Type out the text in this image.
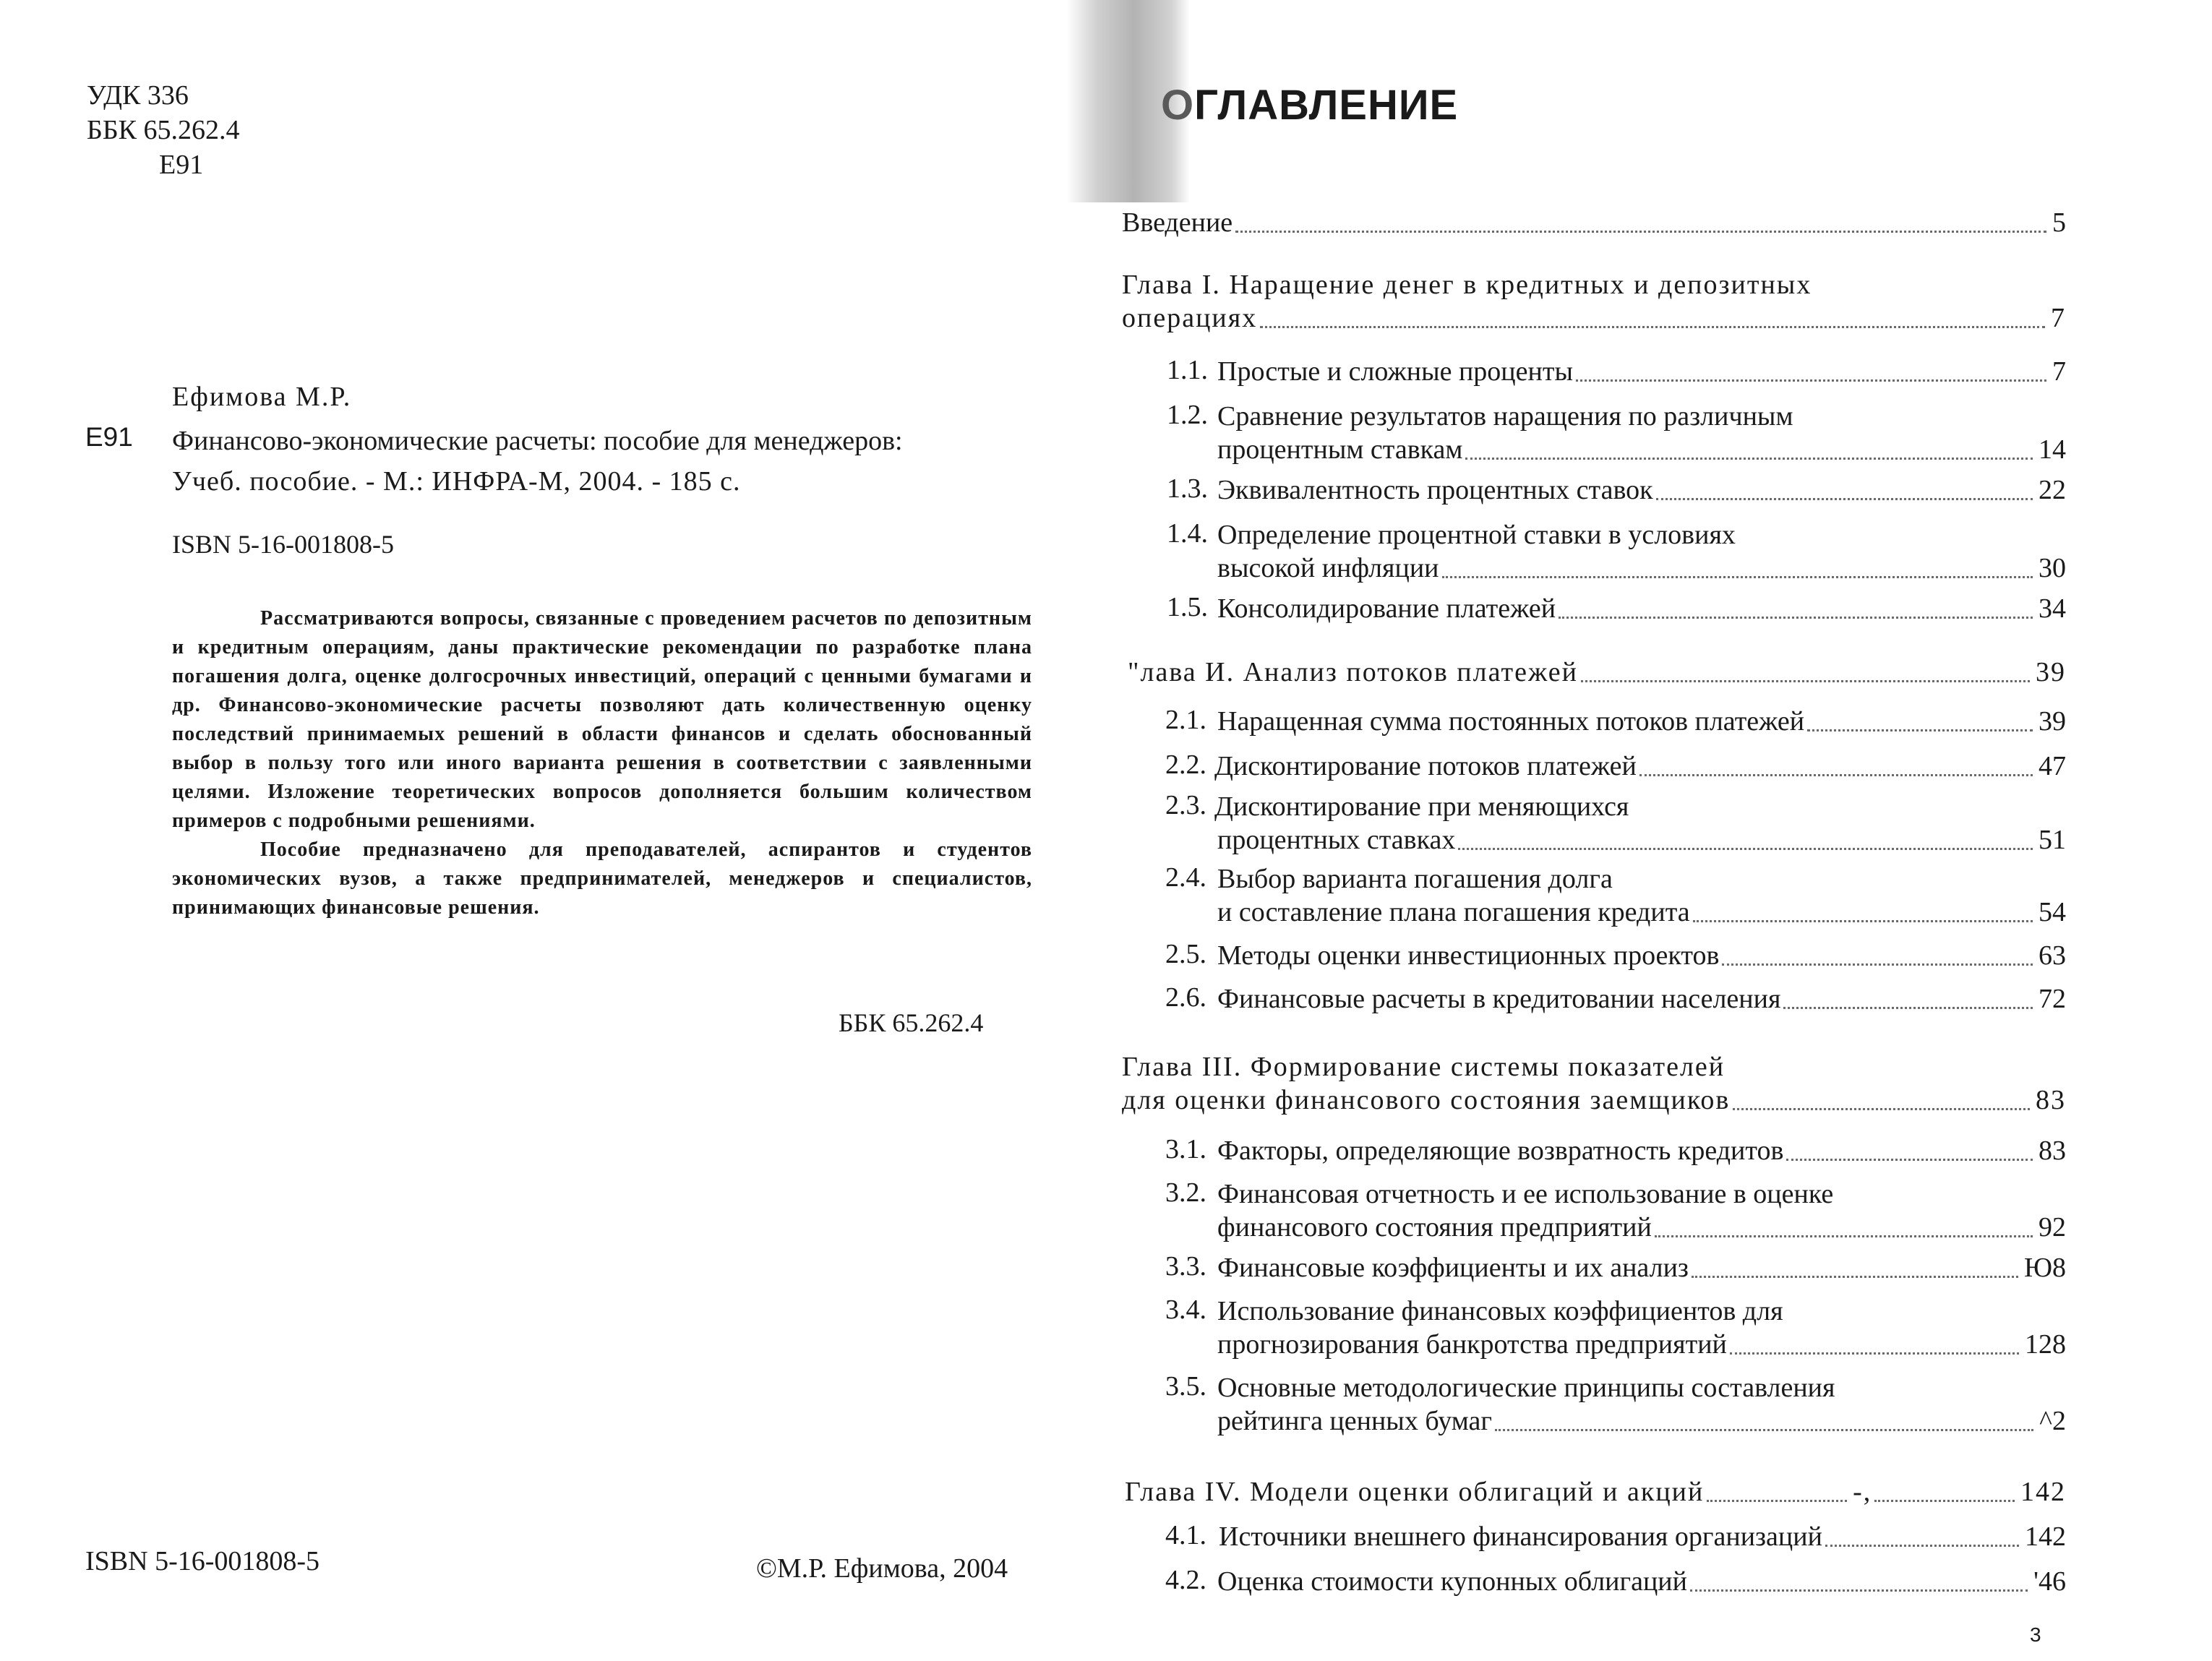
УДК 336
ББК 65.262.4
Е91
Ефимова М.Р.
E91 Финансово-экономические расчеты: пособие для менеджеров:
Учеб. пособие. - М.: ИНФРА-М, 2004. - 185 с.
ISBN 5-16-001808-5

Рассматриваются вопросы, связанные с проведением расчетов по депозитным и кредитным операциям, даны практические рекомендации по разработке плана погашения долга, оценке долгосрочных инвестиций, операций с ценными бумагами и др. Финансово-экономические расчеты позволяют дать количественную оценку последствий принимаемых решений в области финансов и сделать обоснованный выбор в пользу того или иного варианта решения в соответствии с заявленными целями. Изложение теоретических вопросов дополняется большим количеством примеров с подробными решениями.

Пособие предназначено для преподавателей, аспирантов и студентов экономических вузов, а также предпринимателей, менеджеров и специалистов, принимающих финансовые решения.

ББК 65.262.4
ISBN 5-16-001808-5	©М.Р. Ефимова, 2004
ОГЛАВЛЕНИЕ
Введение	5
Глава I. Наращение денег в кредитных и депозитных
операциях	7
1.1. Простые и сложные проценты	7
1.2. Сравнение результатов наращения по различным
процентным ставкам	14
1.3. Эквивалентность процентных ставок	22
1.4. Определение процентной ставки в условиях
высокой инфляции	30
1.5. Консолидирование платежей	34
"лава И. Анализ потоков платежей	39
2.1. Наращенная сумма постоянных потоков платежей	39
2.2. Дисконтирование потоков платежей	47
2.3. Дисконтирование при меняющихся
процентных ставках	51
2.4. Выбор варианта погашения долга
и составление плана погашения кредита	54
2.5. Методы оценки инвестиционных проектов	63
2.6. Финансовые расчеты в кредитовании населения	72
Глава III. Формирование системы показателей
для оценки финансового состояния заемщиков	83
3.1. Факторы, определяющие возвратность кредитов	83
3.2. Финансовая отчетность и ее использование в оценке
финансового состояния предприятий	92
3.3. Финансовые коэффициенты и их анализ	Ю8
3.4. Использование финансовых коэффициентов для
прогнозирования банкротства предприятий	128
3.5. Основные методологические принципы составления
рейтинга ценных бумаг	^2
Глава IV. Модели оценки облигаций и акций	-,	142
4.1. Источники внешнего финансирования организаций	142
4.2. Оценка стоимости купонных облигаций	'46
3
